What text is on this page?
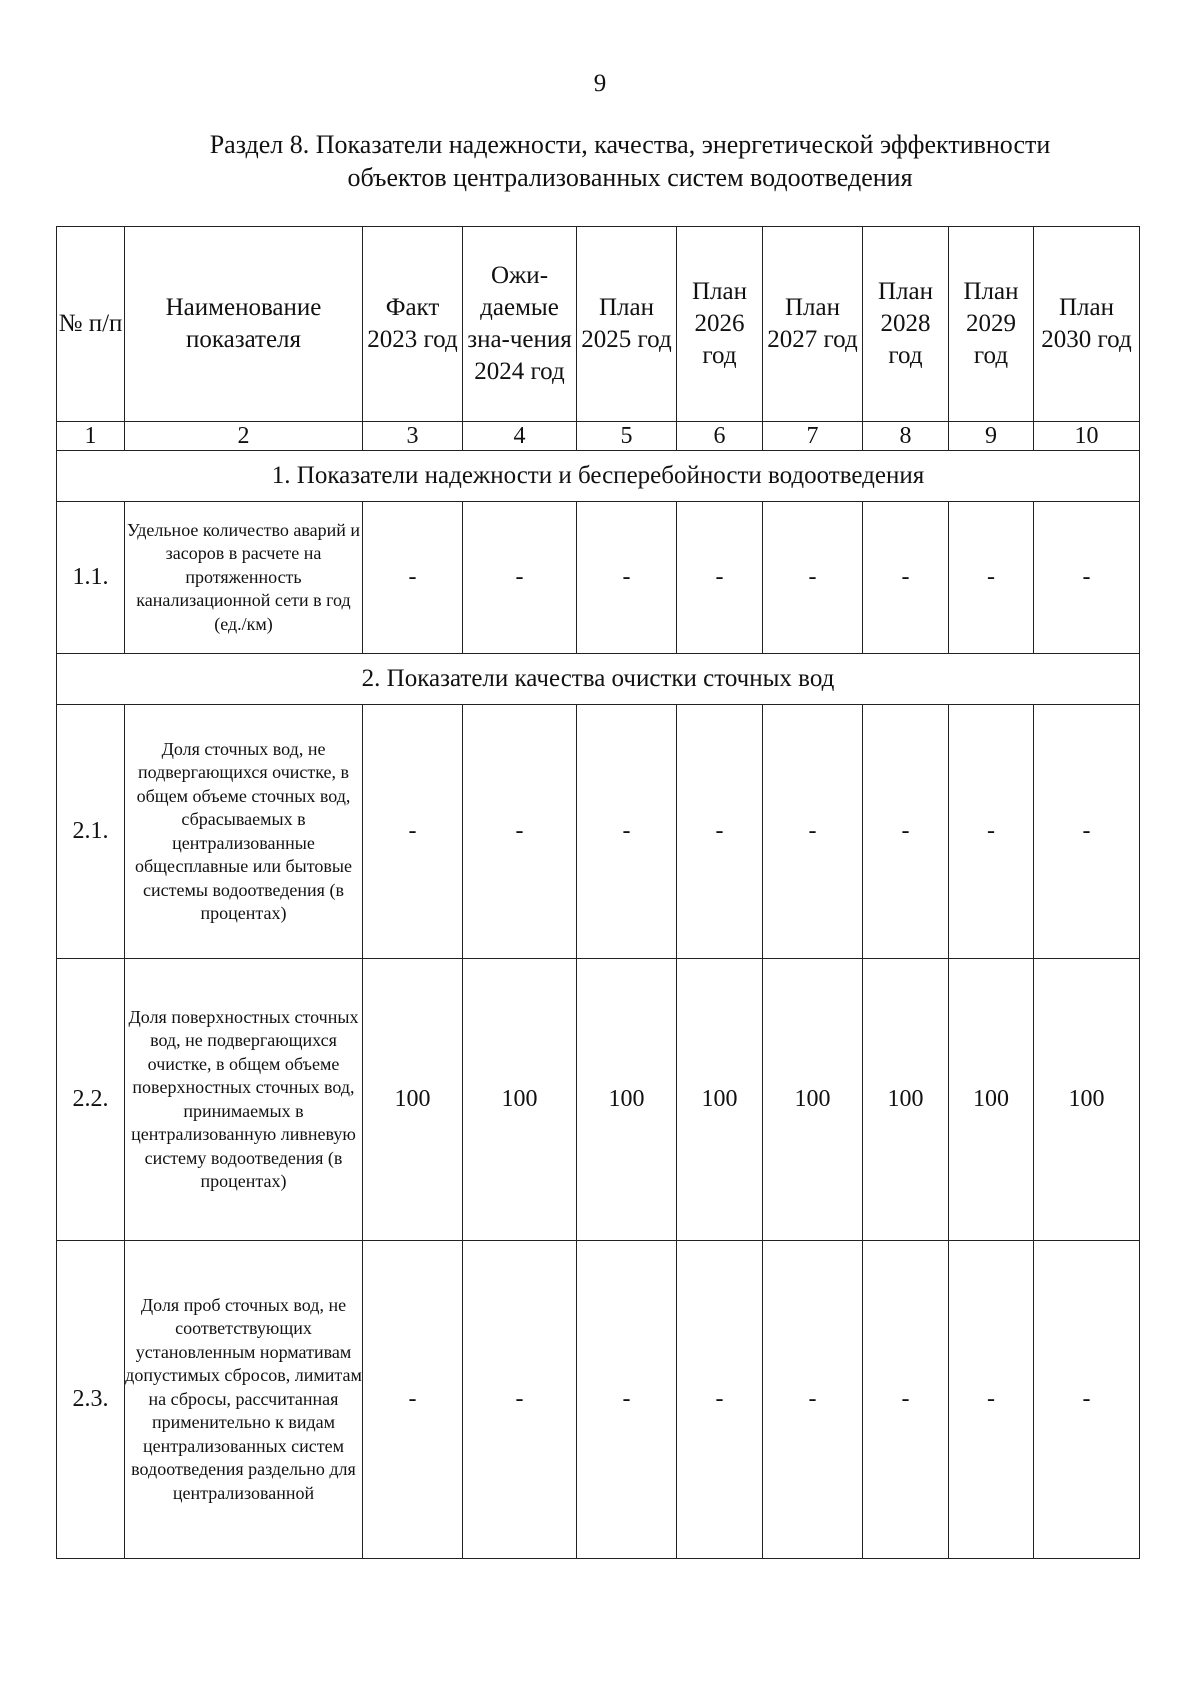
9
Раздел 8. Показатели надежности, качества, энергетической эффективности
объектов централизованных систем водоотведения
№ п/п	Наименование показателя	Факт 2023 год	Ожи-даемые зна-чения 2024 год	План 2025 год	План 2026 год	План 2027 год	План 2028 год	План 2029 год	План 2030 год
1	2	3	4	5	6	7	8	9	10
1. Показатели надежности и бесперебойности водоотведения									
1.1.	Удельное количество аварий и засоров в расчете на протяженность канализационной сети в год (ед./км)	-	-	-	-	-	-	-	-
2. Показатели качества очистки сточных вод									
2.1.	Доля сточных вод, не подвергающихся очистке, в общем объеме сточных вод, сбрасываемых в централизованные общесплавные или бытовые системы водоотведения (в процентах)	-	-	-	-	-	-	-	-
2.2.	Доля поверхностных сточных вод, не подвергающихся очистке, в общем объеме поверхностных сточных вод, принимаемых в централизованную ливневую систему водоотведения (в процентах)	100	100	100	100	100	100	100	100
2.3.	Доля проб сточных вод, не соответствующих установленным нормативам допустимых сбросов, лимитам на сбросы, рассчитанная применительно к видам централизованных систем водоотведения раздельно для централизованной	-	-	-	-	-	-	-	-
